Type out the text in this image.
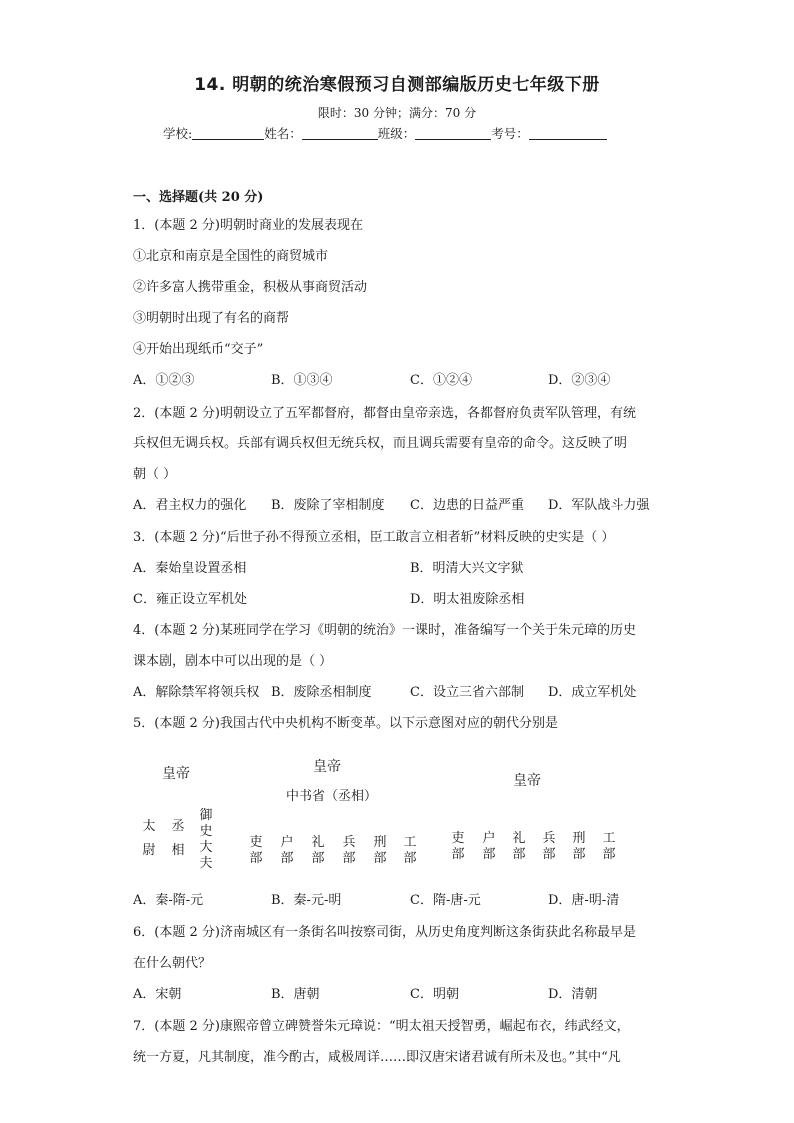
14. 明朝的统治寒假预习自测部编版历史七年级下册
限时：30 分钟；满分：70 分
学校:	姓名：	班级：	考号：
一、选择题(共 20 分)
1．(本题 2 分)明朝时商业的发展表现在
①北京和南京是全国性的商贸城市
②许多富人携带重金，积极从事商贸活动
③明朝时出现了有名的商帮
④开始出现纸币“交子”
A．①②③	B．①③④	C．①②④	D．②③④
2．(本题 2 分)明朝设立了五军都督府，都督由皇帝亲选，各都督府负责军队管理，有统
兵权但无调兵权。兵部有调兵权但无统兵权，而且调兵需要有皇帝的命令。这反映了明
朝（ ）
A．君主权力的强化 B．废除了宰相制度 C．边患的日益严重 D．军队战斗力强
3．(本题 2 分)“后世子孙不得预立丞相，臣工敢言立相者斩”材料反映的史实是（ ）
A．秦始皇设置丞相	B．明清大兴文字狱
C．雍正设立军机处	D．明太祖废除丞相
4．(本题 2 分)某班同学在学习《明朝的统治》一课时，准备编写一个关于朱元璋的历史
课本剧，剧本中可以出现的是（ ）
A．解除禁军将领兵权 B．废除丞相制度	C．设立三省六部制 D．成立军机处
5．(本题 2 分)我国古代中央机构不断变革。以下示意图对应的朝代分别是
皇帝
太尉
丞相
御史大夫
皇帝
中书省（丞相）
吏部
户部
礼部
兵部
刑部
工部
皇帝
吏部
户部
礼部
兵部
刑部
工部
A．秦-隋-元	B．秦-元-明	C．隋-唐-元	D．唐-明-清
6．(本题 2 分)济南城区有一条街名叫按察司街，从历史角度判断这条街获此名称最早是
在什么朝代？
A．宋朝	B．唐朝	C．明朝	D．清朝
7．(本题 2 分)康熙帝曾立碑赞誉朱元璋说：“明太祖天授智勇，崛起布衣，纬武经文，
统一方夏，凡其制度，准今酌古，咸极周详……即汉唐宋诸君诚有所未及也。”其中“凡
